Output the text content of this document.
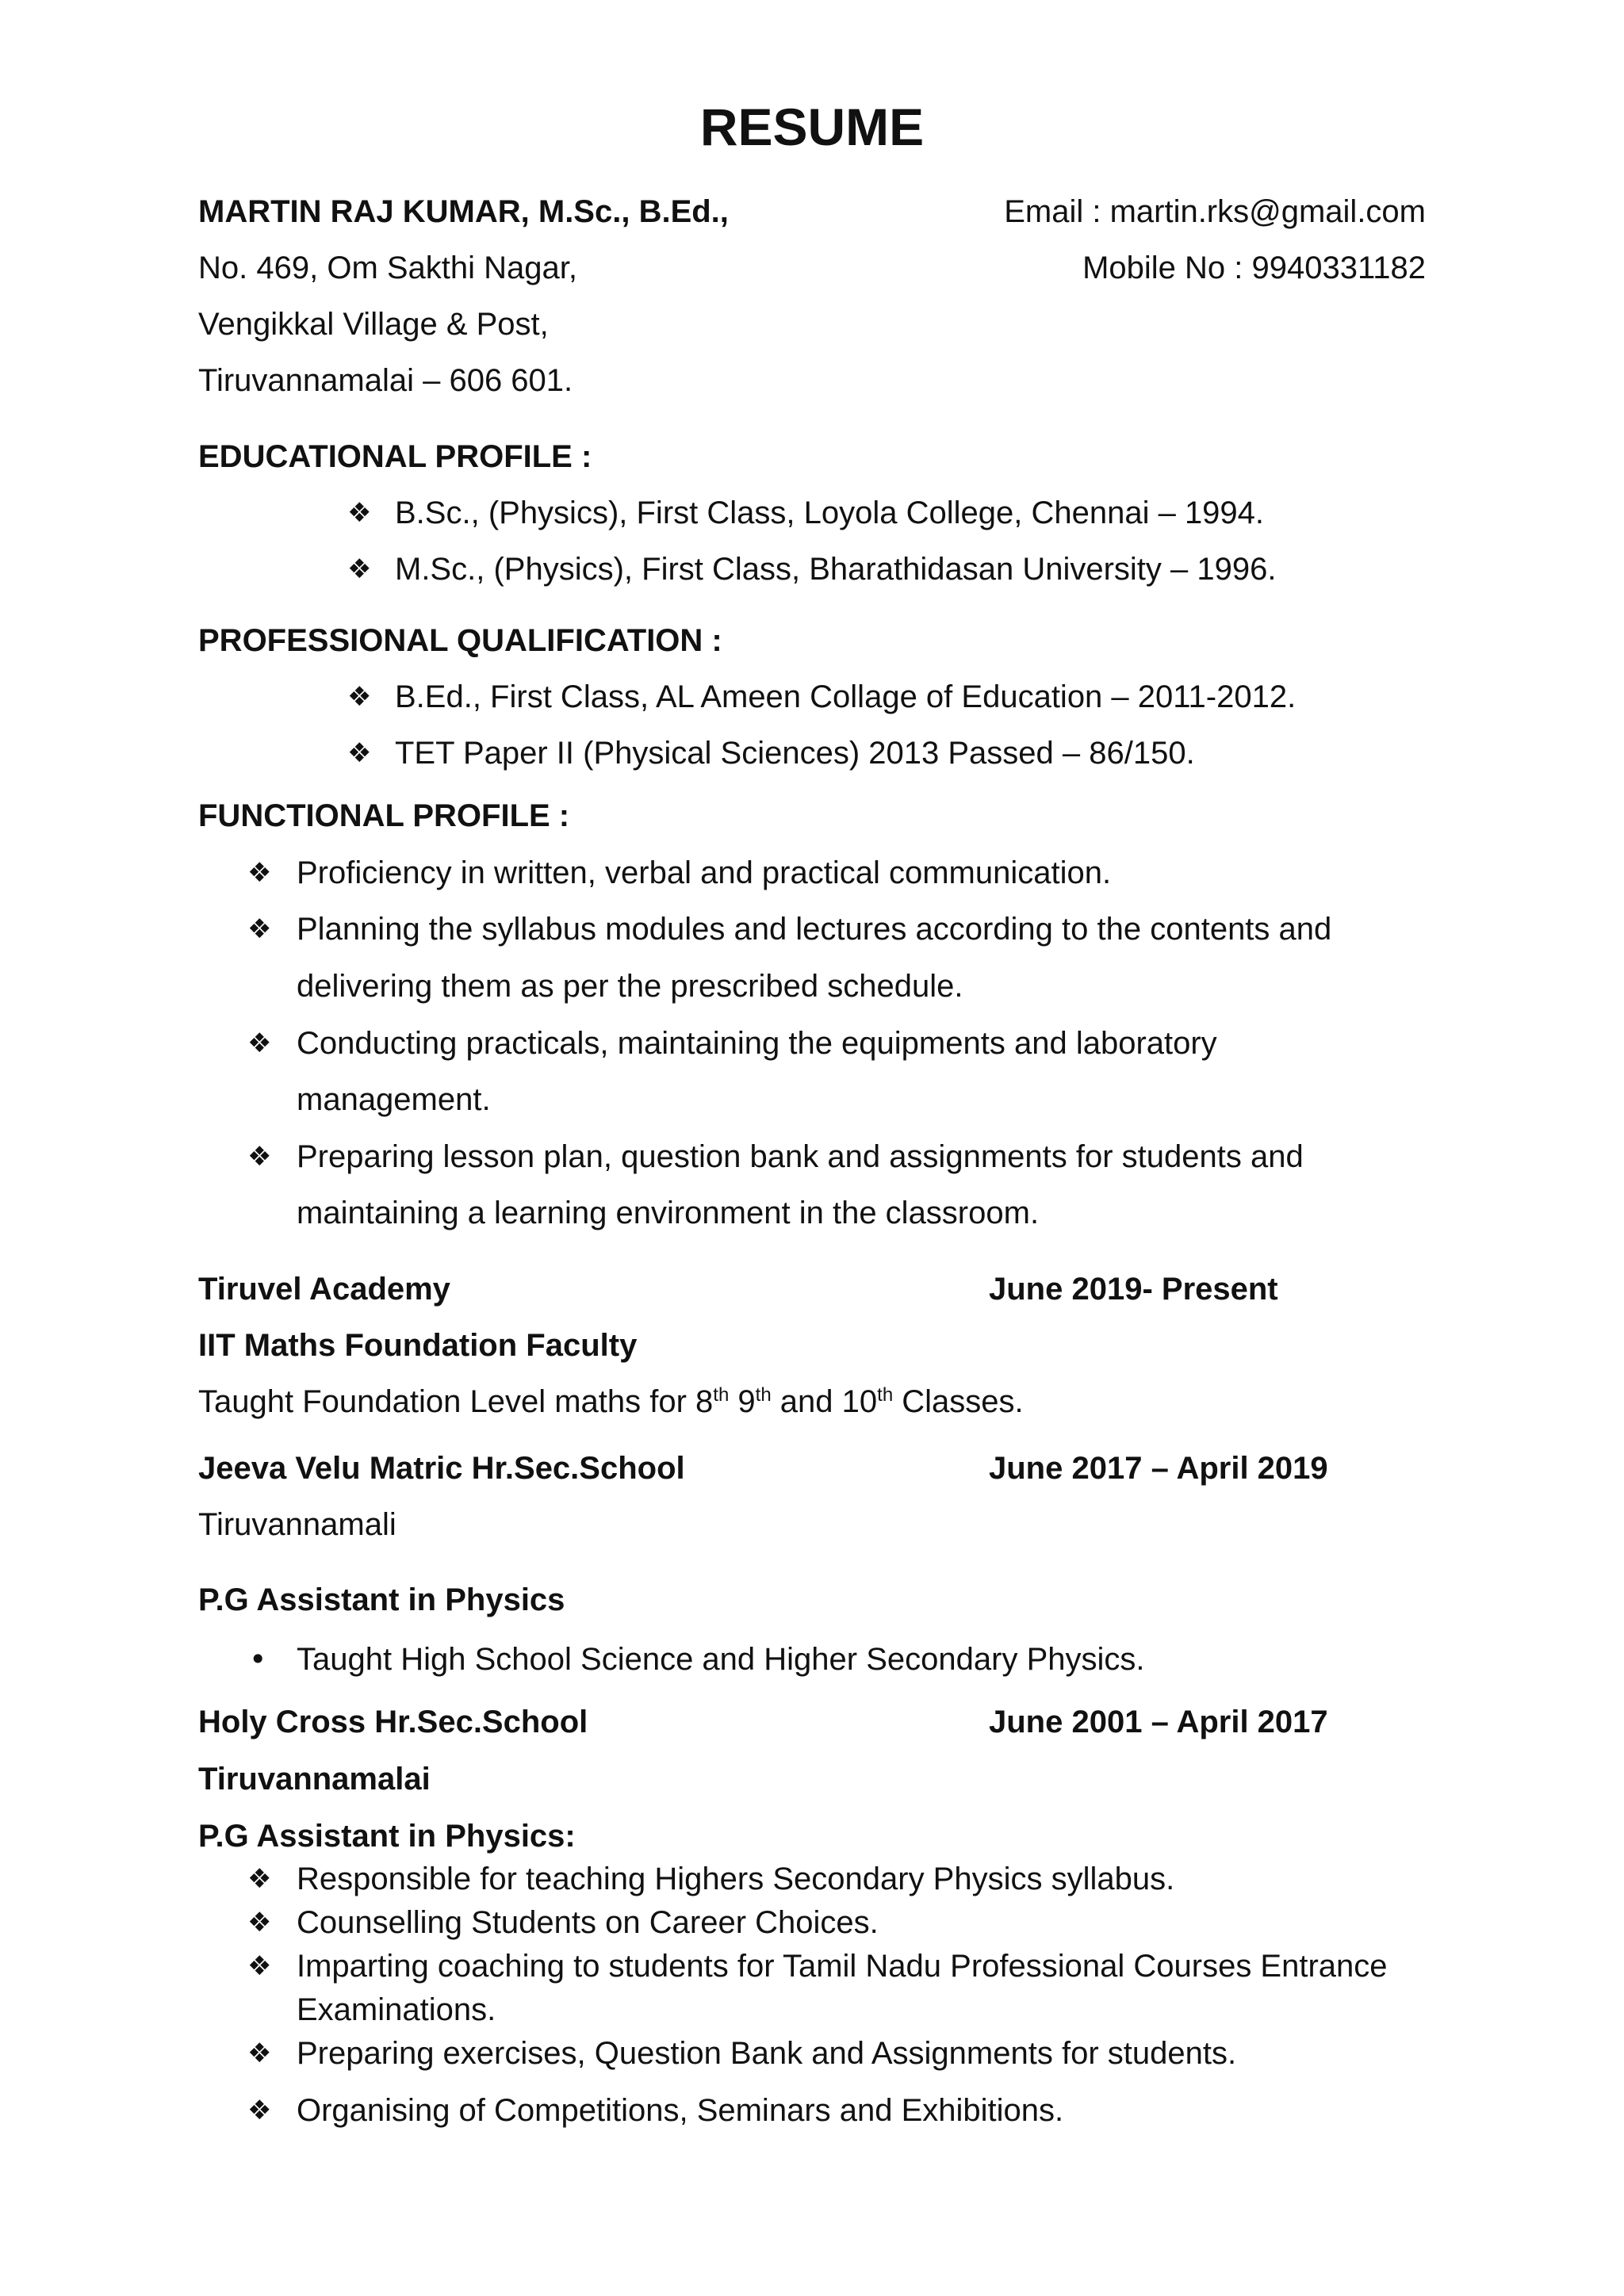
RESUME
MARTIN RAJ KUMAR, M.Sc., B.Ed.,
No. 469, Om Sakthi Nagar,
Vengikkal Village & Post,
Tiruvannamalai – 606 601.
Email : martin.rks@gmail.com
Mobile No : 9940331182
EDUCATIONAL PROFILE :
❖ B.Sc., (Physics), First Class, Loyola College, Chennai – 1994.
❖ M.Sc., (Physics), First Class, Bharathidasan University – 1996.
PROFESSIONAL QUALIFICATION :
❖ B.Ed., First Class, AL Ameen Collage of Education – 2011-2012.
❖ TET Paper II (Physical Sciences) 2013 Passed – 86/150.
FUNCTIONAL PROFILE :
❖ Proficiency in written, verbal and practical communication.
❖ Planning the syllabus modules and lectures according to the contents and
delivering them as per the prescribed schedule.
❖ Conducting practicals, maintaining the equipments and laboratory
management.
❖ Preparing lesson plan, question bank and assignments for students and
maintaining a learning environment in the classroom.
Tiruvel Academy	June 2019- Present
IIT Maths Foundation Faculty
Taught Foundation Level maths for 8th 9th and 10th Classes.
Jeeva Velu Matric Hr.Sec.School	June 2017 – April 2019
Tiruvannamali
P.G Assistant in Physics
• Taught High School Science and Higher Secondary Physics.
Holy Cross Hr.Sec.School	June 2001 – April 2017
Tiruvannamalai
P.G Assistant in Physics:
❖ Responsible for teaching Highers Secondary Physics syllabus.
❖ Counselling Students on Career Choices.
❖ Imparting coaching to students for Tamil Nadu Professional Courses Entrance
Examinations.
❖ Preparing exercises, Question Bank and Assignments for students.
❖ Organising of Competitions, Seminars and Exhibitions.
